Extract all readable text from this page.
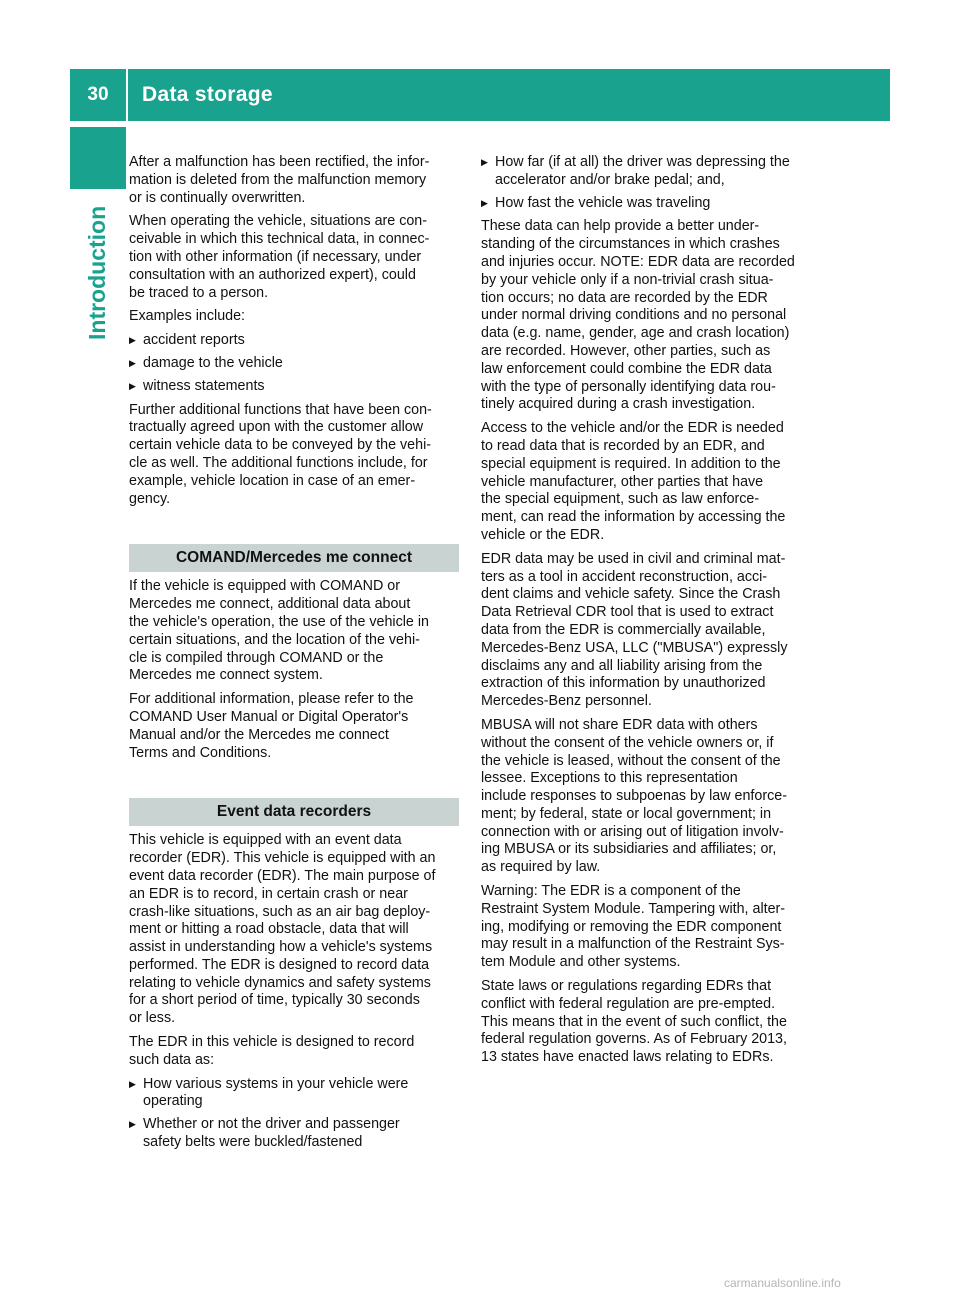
30	Data storage
Introduction

After a malfunction has been rectified, the infor-
mation is deleted from the malfunction memory
or is continually overwritten.

When operating the vehicle, situations are con-
ceivable in which this technical data, in connec-
tion with other information (if necessary, under
consultation with an authorized expert), could
be traced to a person.

Examples include:

▶ accident reports
▶ damage to the vehicle
▶ witness statements

Further additional functions that have been con-
tractually agreed upon with the customer allow
certain vehicle data to be conveyed by the vehi-
cle as well. The additional functions include, for
example, vehicle location in case of an emer-
gency.

COMAND/Mercedes me connect

If the vehicle is equipped with COMAND or
Mercedes me connect, additional data about
the vehicle's operation, the use of the vehicle in
certain situations, and the location of the vehi-
cle is compiled through COMAND or the
Mercedes me connect system.

For additional information, please refer to the
COMAND User Manual or Digital Operator's
Manual and/or the Mercedes me connect
Terms and Conditions.

Event data recorders

This vehicle is equipped with an event data
recorder (EDR). This vehicle is equipped with an
event data recorder (EDR). The main purpose of
an EDR is to record, in certain crash or near
crash-like situations, such as an air bag deploy-
ment or hitting a road obstacle, data that will
assist in understanding how a vehicle's systems
performed. The EDR is designed to record data
relating to vehicle dynamics and safety systems
for a short period of time, typically 30 seconds
or less.

The EDR in this vehicle is designed to record
such data as:

▶ How various systems in your vehicle were
operating
▶ Whether or not the driver and passenger
safety belts were buckled/fastened
▶ How far (if at all) the driver was depressing the
accelerator and/or brake pedal; and,
▶ How fast the vehicle was traveling

These data can help provide a better under-
standing of the circumstances in which crashes
and injuries occur. NOTE: EDR data are recorded
by your vehicle only if a non-trivial crash situa-
tion occurs; no data are recorded by the EDR
under normal driving conditions and no personal
data (e.g. name, gender, age and crash location)
are recorded. However, other parties, such as
law enforcement could combine the EDR data
with the type of personally identifying data rou-
tinely acquired during a crash investigation.

Access to the vehicle and/or the EDR is needed
to read data that is recorded by an EDR, and
special equipment is required. In addition to the
vehicle manufacturer, other parties that have
the special equipment, such as law enforce-
ment, can read the information by accessing the
vehicle or the EDR.

EDR data may be used in civil and criminal mat-
ters as a tool in accident reconstruction, acci-
dent claims and vehicle safety. Since the Crash
Data Retrieval CDR tool that is used to extract
data from the EDR is commercially available,
Mercedes-Benz USA, LLC ("MBUSA") expressly
disclaims any and all liability arising from the
extraction of this information by unauthorized
Mercedes-Benz personnel.

MBUSA will not share EDR data with others
without the consent of the vehicle owners or, if
the vehicle is leased, without the consent of the
lessee. Exceptions to this representation
include responses to subpoenas by law enforce-
ment; by federal, state or local government; in
connection with or arising out of litigation involv-
ing MBUSA or its subsidiaries and affiliates; or,
as required by law.

Warning: The EDR is a component of the
Restraint System Module. Tampering with, alter-
ing, modifying or removing the EDR component
may result in a malfunction of the Restraint Sys-
tem Module and other systems.

State laws or regulations regarding EDRs that
conflict with federal regulation are pre-empted.
This means that in the event of such conflict, the
federal regulation governs. As of February 2013,
13 states have enacted laws relating to EDRs.

carmanualsonline.info
